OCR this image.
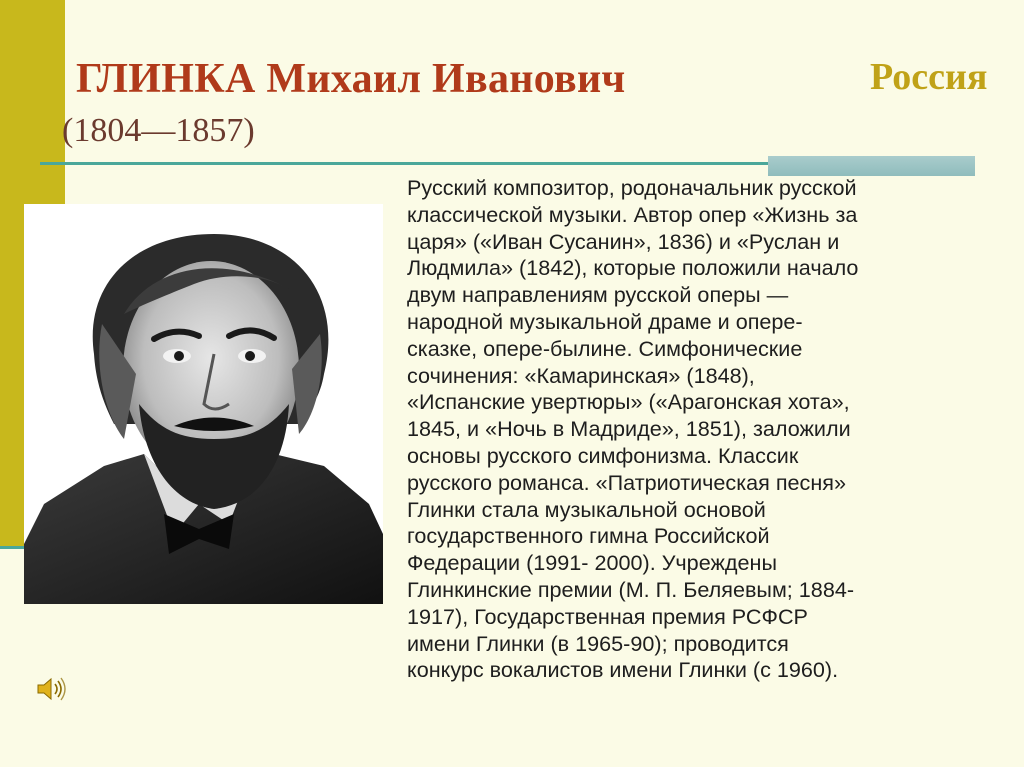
ГЛИНКА Михаил Иванович	Россия
(1804—1857)
Русский композитор, родоначальник русской
классической музыки. Автор опер «Жизнь за
царя» («Иван Сусанин», 1836) и «Руслан и
Людмила» (1842), которые положили начало
двум направлениям русской оперы —
народной музыкальной драме и опере-
сказке, опере-былине. Симфонические
сочинения: «Камаринская» (1848),
«Испанские увертюры» («Арагонская хота»,
1845, и «Ночь в Мадриде», 1851), заложили
основы русского симфонизма. Классик
русского романса. «Патриотическая песня»
Глинки стала музыкальной основой
государственного гимна Российской
Федерации (1991- 2000). Учреждены
Глинкинские премии (М. П. Беляевым; 1884-
1917), Государственная премия РСФСР
имени Глинки (в 1965-90); проводится
конкурс вокалистов имени Глинки (с 1960).
